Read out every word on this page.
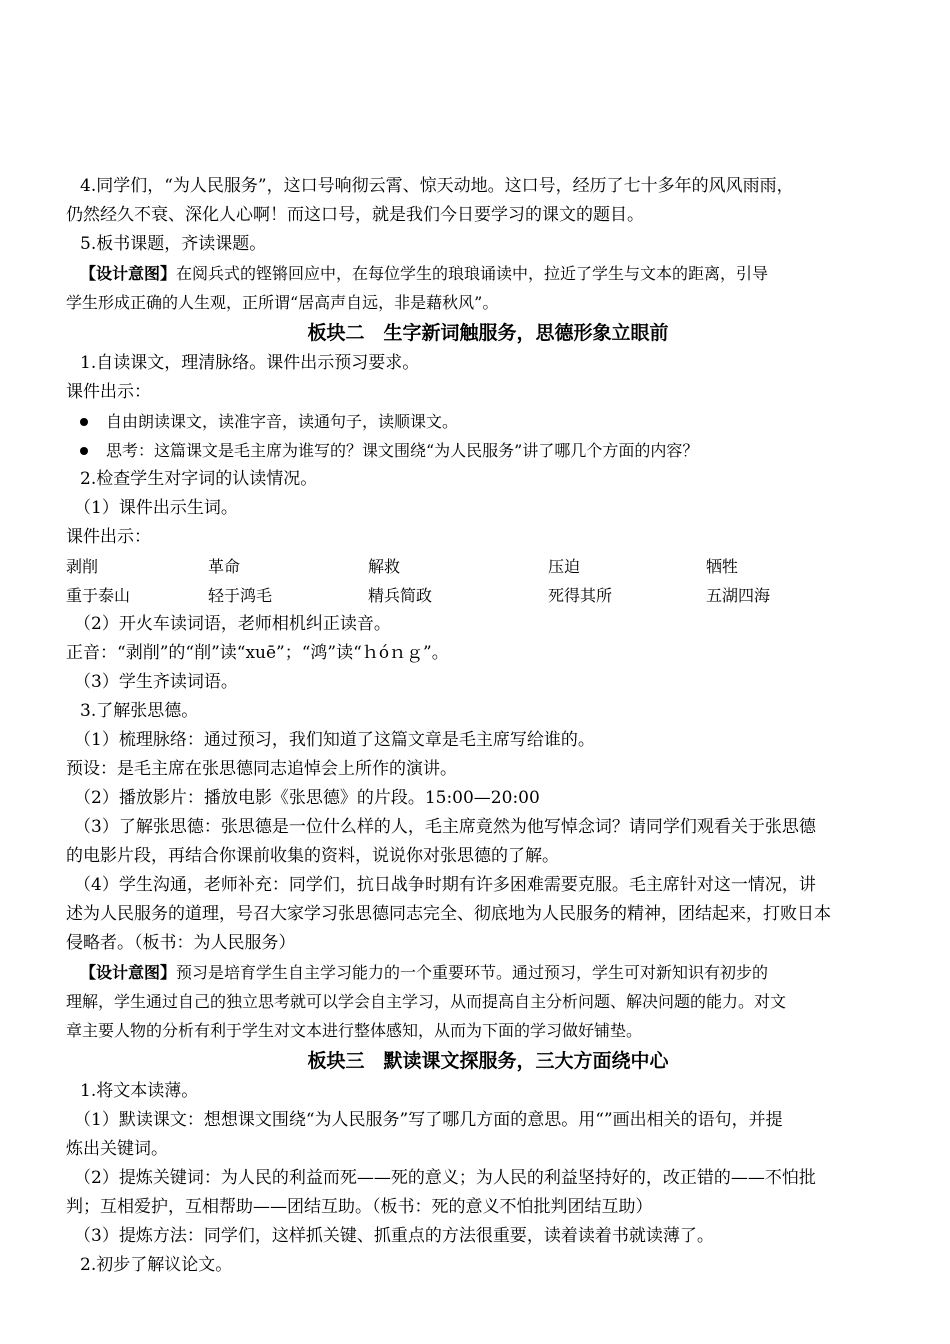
4.同学们，“为人民服务”，这口号响彻云霄、惊天动地。这口号，经历了七十多年的风风雨雨，

仍然经久不衰、深化人心啊！而这口号，就是我们今日要学习的课文的题目。

5.板书课题，齐读课题。

【设计意图】在阅兵式的铿锵回应中，在每位学生的琅琅诵读中，拉近了学生与文本的距离，引导

学生形成正确的人生观，正所谓“居高声自远，非是藉秋风”。

板块二　生字新词触服务，思德形象立眼前

1.自读课文，理清脉络。课件出示预习要求。

课件出示：

自由朗读课文，读准字音，读通句子，读顺课文。
思考：这篇课文是毛主席为谁写的？课文围绕“为人民服务”讲了哪几个方面的内容？

2.检查学生对字词的认读情况。

（1）课件出示生词。

课件出示：

剥削	革命	解救	压迫	牺牲
重于泰山	轻于鸿毛	精兵简政	死得其所	五湖四海

（2）开火车读词语，老师相机纠正读音。

正音：“剥削”的“削”读“xuē”；“鸿”读“ｈóｎｇ”。

（3）学生齐读词语。

3.了解张思德。

（1）梳理脉络：通过预习，我们知道了这篇文章是毛主席写给谁的。

预设：是毛主席在张思德同志追悼会上所作的演讲。

（2）播放影片：播放电影《张思德》的片段。15:00—20:00

（3）了解张思德：张思德是一位什么样的人，毛主席竟然为他写悼念词？请同学们观看关于张思德

的电影片段，再结合你课前收集的资料，说说你对张思德的了解。

（4）学生沟通，老师补充：同学们，抗日战争时期有许多困难需要克服。毛主席针对这一情况，讲

述为人民服务的道理，号召大家学习张思德同志完全、彻底地为人民服务的精神，团结起来，打败日本

侵略者。（板书：为人民服务）

【设计意图】预习是培育学生自主学习能力的一个重要环节。通过预习，学生可对新知识有初步的

理解，学生通过自己的独立思考就可以学会自主学习，从而提高自主分析问题、解决问题的能力。对文

章主要人物的分析有利于学生对文本进行整体感知，从而为下面的学习做好铺垫。

板块三　默读课文探服务，三大方面绕中心

1.将文本读薄。

（1）默读课文：想想课文围绕“为人民服务”写了哪几方面的意思。用“”画出相关的语句，并提

炼出关键词。

（2）提炼关键词：为人民的利益而死——死的意义；为人民的利益坚持好的，改正错的——不怕批

判；互相爱护，互相帮助——团结互助。（板书：死的意义不怕批判团结互助）

（3）提炼方法：同学们，这样抓关键、抓重点的方法很重要，读着读着书就读薄了。

2.初步了解议论文。
